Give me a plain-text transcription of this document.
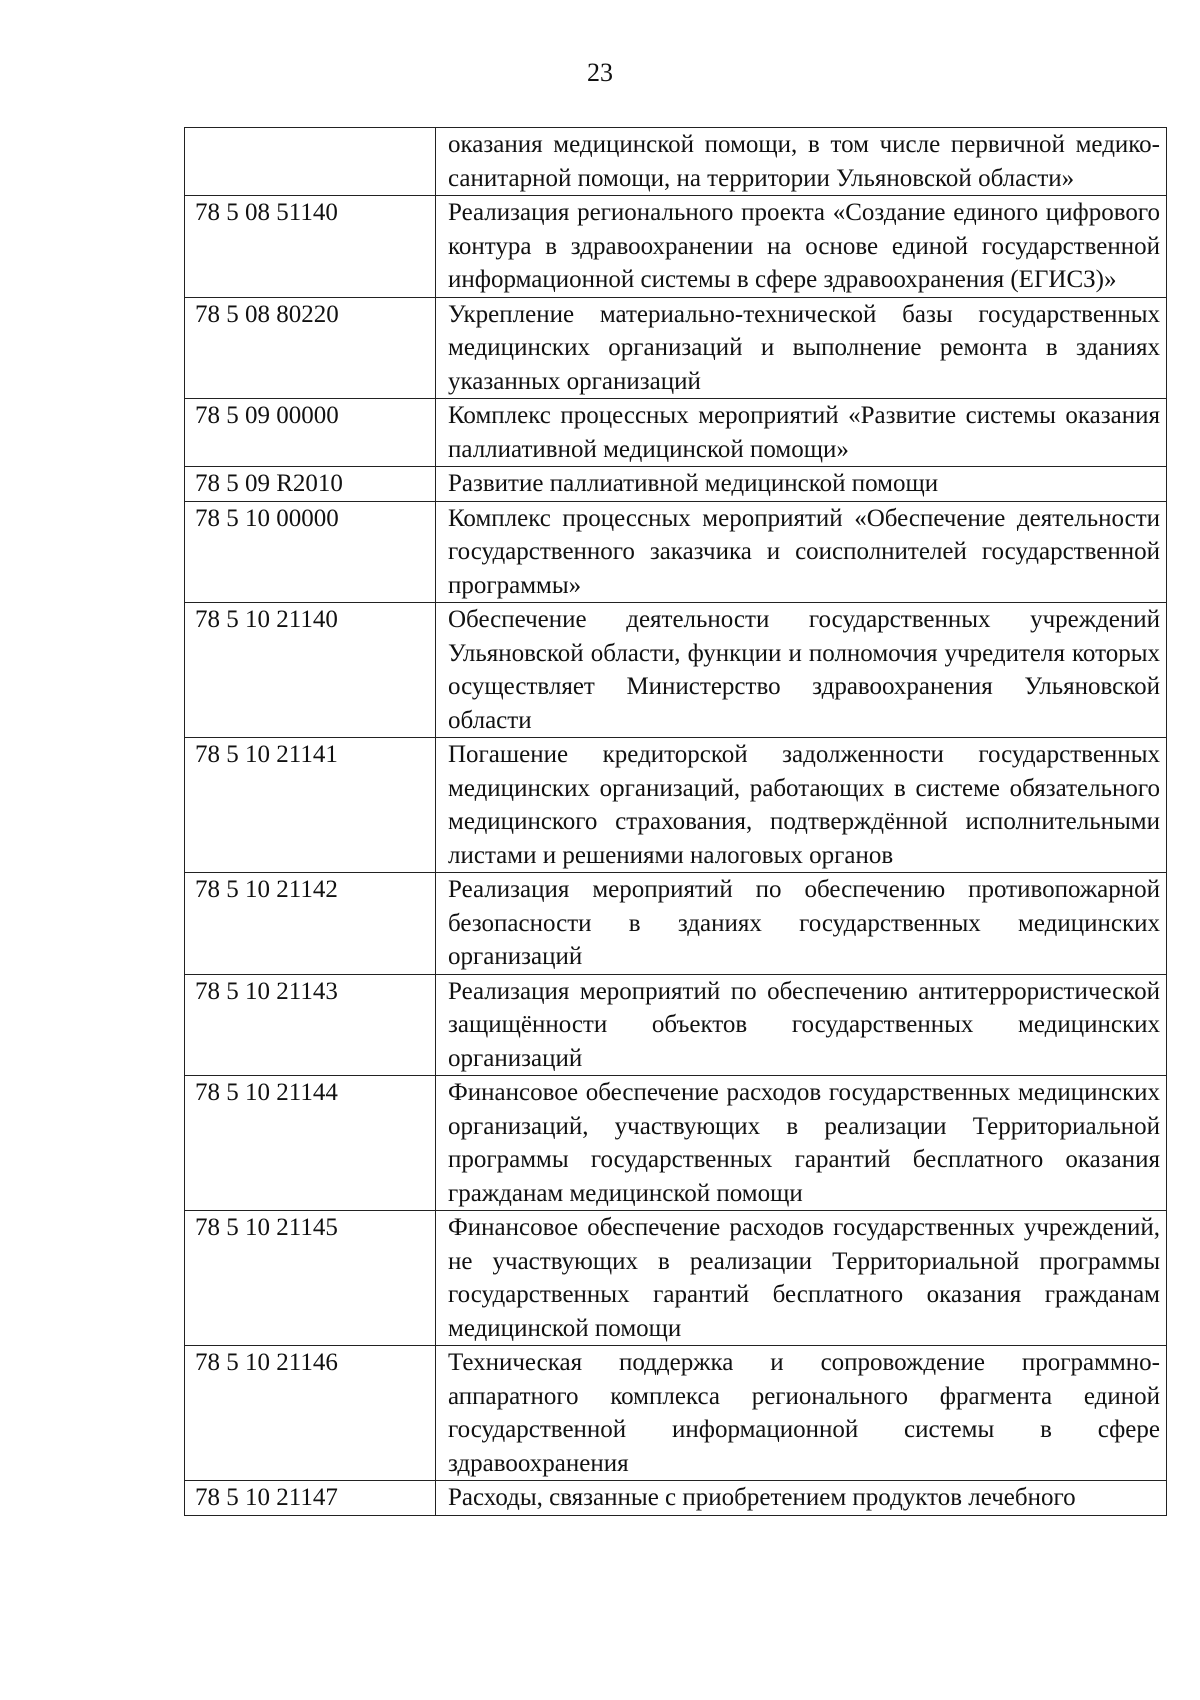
23
	оказания медицинской помощи, в том числе первичной медико-санитарной помощи, на территории Ульяновской области»
78 5 08 51140	Реализация регионального проекта «Создание единого цифрового контура в здравоохранении на основе единой государственной информационной системы в сфере здравоохранения (ЕГИСЗ)»
78 5 08 80220	Укрепление материально-технической базы государственных медицинских организаций и выполнение ремонта в зданиях указанных организаций
78 5 09 00000	Комплекс процессных мероприятий «Развитие системы оказания паллиативной медицинской помощи»
78 5 09 R2010	Развитие паллиативной медицинской помощи
78 5 10 00000	Комплекс процессных мероприятий «Обеспечение деятельности государственного заказчика и соисполнителей государственной программы»
78 5 10 21140	Обеспечение деятельности государственных учреждений Ульяновской области, функции и полномочия учредителя которых осуществляет Министерство здравоохранения Ульяновской области
78 5 10 21141	Погашение кредиторской задолженности государственных медицинских организаций, работающих в системе обязательного медицинского страхования, подтверждённой исполнительными листами и решениями налоговых органов
78 5 10 21142	Реализация мероприятий по обеспечению противопожарной безопасности в зданиях государственных медицинских организаций
78 5 10 21143	Реализация мероприятий по обеспечению антитеррористической защищённости объектов государственных медицинских организаций
78 5 10 21144	Финансовое обеспечение расходов государственных медицинских организаций, участвующих в реализации Территориальной программы государственных гарантий бесплатного оказания гражданам медицинской помощи
78 5 10 21145	Финансовое обеспечение расходов государственных учреждений, не участвующих в реализации Территориальной программы государственных гарантий бесплатного оказания гражданам медицинской помощи
78 5 10 21146	Техническая поддержка и сопровождение программно-аппаратного комплекса регионального фрагмента единой государственной информационной системы в сфере здравоохранения
78 5 10 21147	Расходы, связанные с приобретением продуктов лечебного
